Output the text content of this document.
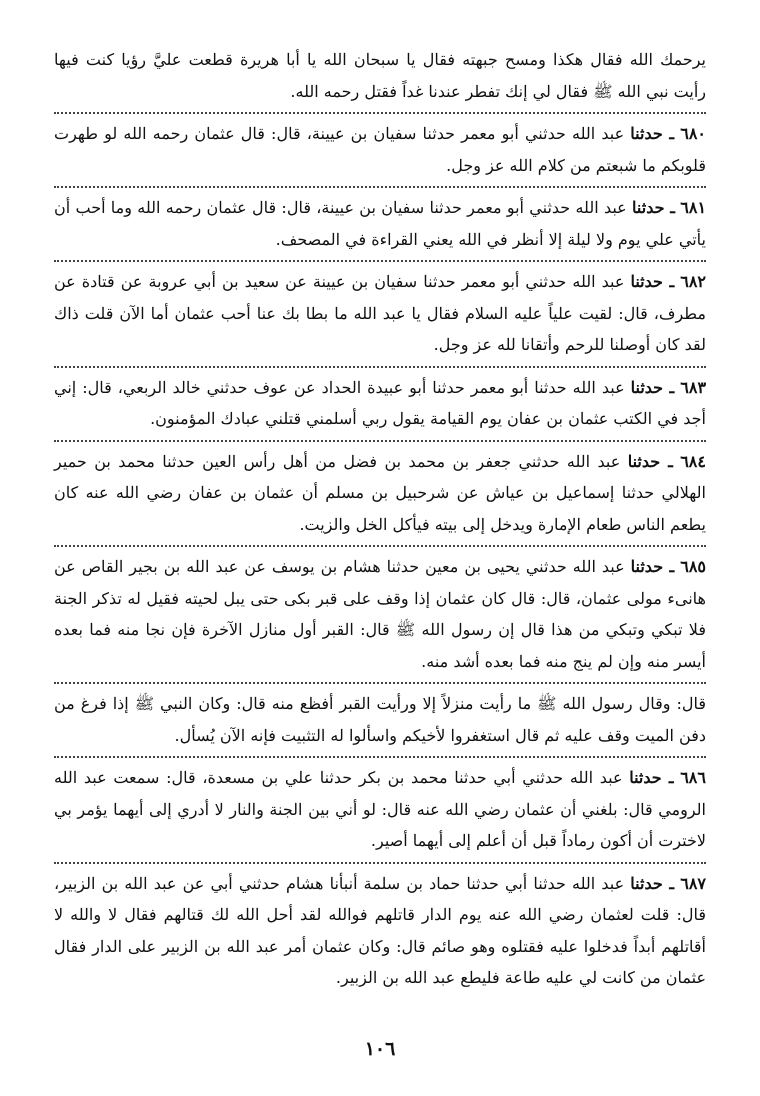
يرحمك الله فقال هكذا ومسح جبهته فقال يا سبحان الله يا أبا هريرة قطعت عليَّ رؤيا كنت فيها رأيت نبي الله ﷺ فقال لي إنك تفطر عندنا غداً فقتل رحمه الله.
٦٨٠ ـ حدثنا عبد الله حدثني أبو معمر حدثنا سفيان بن عيينة، قال: قال عثمان رحمه الله لو طهرت قلوبكم ما شبعتم من كلام الله عز وجل.
٦٨١ ـ حدثنا عبد الله حدثني أبو معمر حدثنا سفيان بن عيينة، قال: قال عثمان رحمه الله وما أحب أن يأتي علي يوم ولا ليلة إلا أنظر في الله يعني القراءة في المصحف.
٦٨٢ ـ حدثنا عبد الله حدثني أبو معمر حدثنا سفيان بن عيينة عن سعيد بن أبي عروبة عن قتادة عن مطرف، قال: لقيت علياً عليه السلام فقال يا عبد الله ما بطا بك عنا أحب عثمان أما الآن قلت ذاك لقد كان أوصلنا للرحم وأتقانا لله عز وجل.
٦٨٣ ـ حدثنا عبد الله حدثنا أبو معمر حدثنا أبو عبيدة الحداد عن عوف حدثني خالد الربعي، قال: إني أجد في الكتب عثمان بن عفان يوم القيامة يقول ربي أسلمني قتلني عبادك المؤمنون.
٦٨٤ ـ حدثنا عبد الله حدثني جعفر بن محمد بن فضل من أهل رأس العين حدثنا محمد بن حمير الهلالي حدثنا إسماعيل بن عياش عن شرحبيل بن مسلم أن عثمان بن عفان رضي الله عنه كان يطعم الناس طعام الإمارة ويدخل إلى بيته فيأكل الخل والزيت.
٦٨٥ ـ حدثنا عبد الله حدثني يحيى بن معين حدثنا هشام بن يوسف عن عبد الله بن بجير القاص عن هانىء مولى عثمان، قال: قال كان عثمان إذا وقف على قبر بكى حتى يبل لحيته فقيل له تذكر الجنة فلا تبكي وتبكي من هذا قال إن رسول الله ﷺ قال: القبر أول منازل الآخرة فإن نجا منه فما بعده أيسر منه وإن لم ينج منه فما بعده أشد منه.
قال: وقال رسول الله ﷺ ما رأيت منزلاً إلا ورأيت القبر أفظع منه قال: وكان النبي ﷺ إذا فرغ من دفن الميت وقف عليه ثم قال استغفروا لأخيكم واسألوا له التثبيت فإنه الآن يُسأل.
٦٨٦ ـ حدثنا عبد الله حدثني أبي حدثنا محمد بن بكر حدثنا علي بن مسعدة، قال: سمعت عبد الله الرومي قال: بلغني أن عثمان رضي الله عنه قال: لو أني بين الجنة والنار لا أدري إلى أيهما يؤمر بي لاخترت أن أكون رماداً قبل أن أعلم إلى أيهما أصير.
٦٨٧ ـ حدثنا عبد الله حدثنا أبي حدثنا حماد بن سلمة أنبأنا هشام حدثني أبي عن عبد الله بن الزبير، قال: قلت لعثمان رضي الله عنه يوم الدار قاتلهم فوالله لقد أحل الله لك قتالهم فقال لا والله لا أقاتلهم أبداً فدخلوا عليه فقتلوه وهو صائم قال: وكان عثمان أمر عبد الله بن الزبير على الدار فقال عثمان من كانت لي عليه طاعة فليطع عبد الله بن الزبير.
١٠٦
